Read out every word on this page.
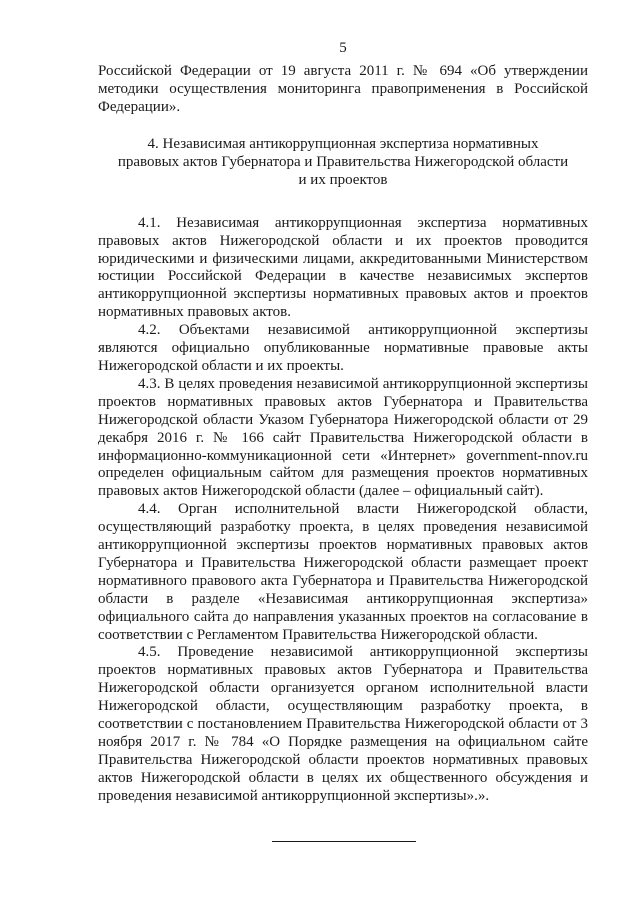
5

Российской Федерации от 19 августа 2011 г. № 694 «Об утверждении методики осуществления мониторинга правоприменения в Российской Федерации».

4. Независимая антикоррупционная экспертиза нормативных
правовых актов Губернатора и Правительства Нижегородской области
и их проектов

4.1. Независимая антикоррупционная экспертиза нормативных правовых актов Нижегородской области и их проектов проводится юридическими и физическими лицами, аккредитованными Министерством юстиции Российской Федерации в качестве независимых экспертов антикоррупционной экспертизы нормативных правовых актов и проектов нормативных правовых актов.

4.2. Объектами независимой антикоррупционной экспертизы являются официально опубликованные нормативные правовые акты Нижегородской области и их проекты.

4.3. В целях проведения независимой антикоррупционной экспертизы проектов нормативных правовых актов Губернатора и Правительства Нижегородской области Указом Губернатора Нижегородской области от 29 декабря 2016 г. № 166 сайт Правительства Нижегородской области в информационно-коммуникационной сети «Интернет» government-nnov.ru определен официальным сайтом для размещения проектов нормативных правовых актов Нижегородской области (далее – официальный сайт).

4.4. Орган исполнительной власти Нижегородской области, осуществляющий разработку проекта, в целях проведения независимой антикоррупционной экспертизы проектов нормативных правовых актов Губернатора и Правительства Нижегородской области размещает проект нормативного правового акта Губернатора и Правительства Нижегородской области в разделе «Независимая антикоррупционная экспертиза» официального сайта до направления указанных проектов на согласование в соответствии с Регламентом Правительства Нижегородской области.

4.5. Проведение независимой антикоррупционной экспертизы проектов нормативных правовых актов Губернатора и Правительства Нижегородской области организуется органом исполнительной власти Нижегородской области, осуществляющим разработку проекта, в соответствии с постановлением Правительства Нижегородской области от 3 ноября 2017 г. № 784 «О Порядке размещения на официальном сайте Правительства Нижегородской области проектов нормативных правовых актов Нижегородской области в целях их общественного обсуждения и проведения независимой антикоррупционной экспертизы».».
